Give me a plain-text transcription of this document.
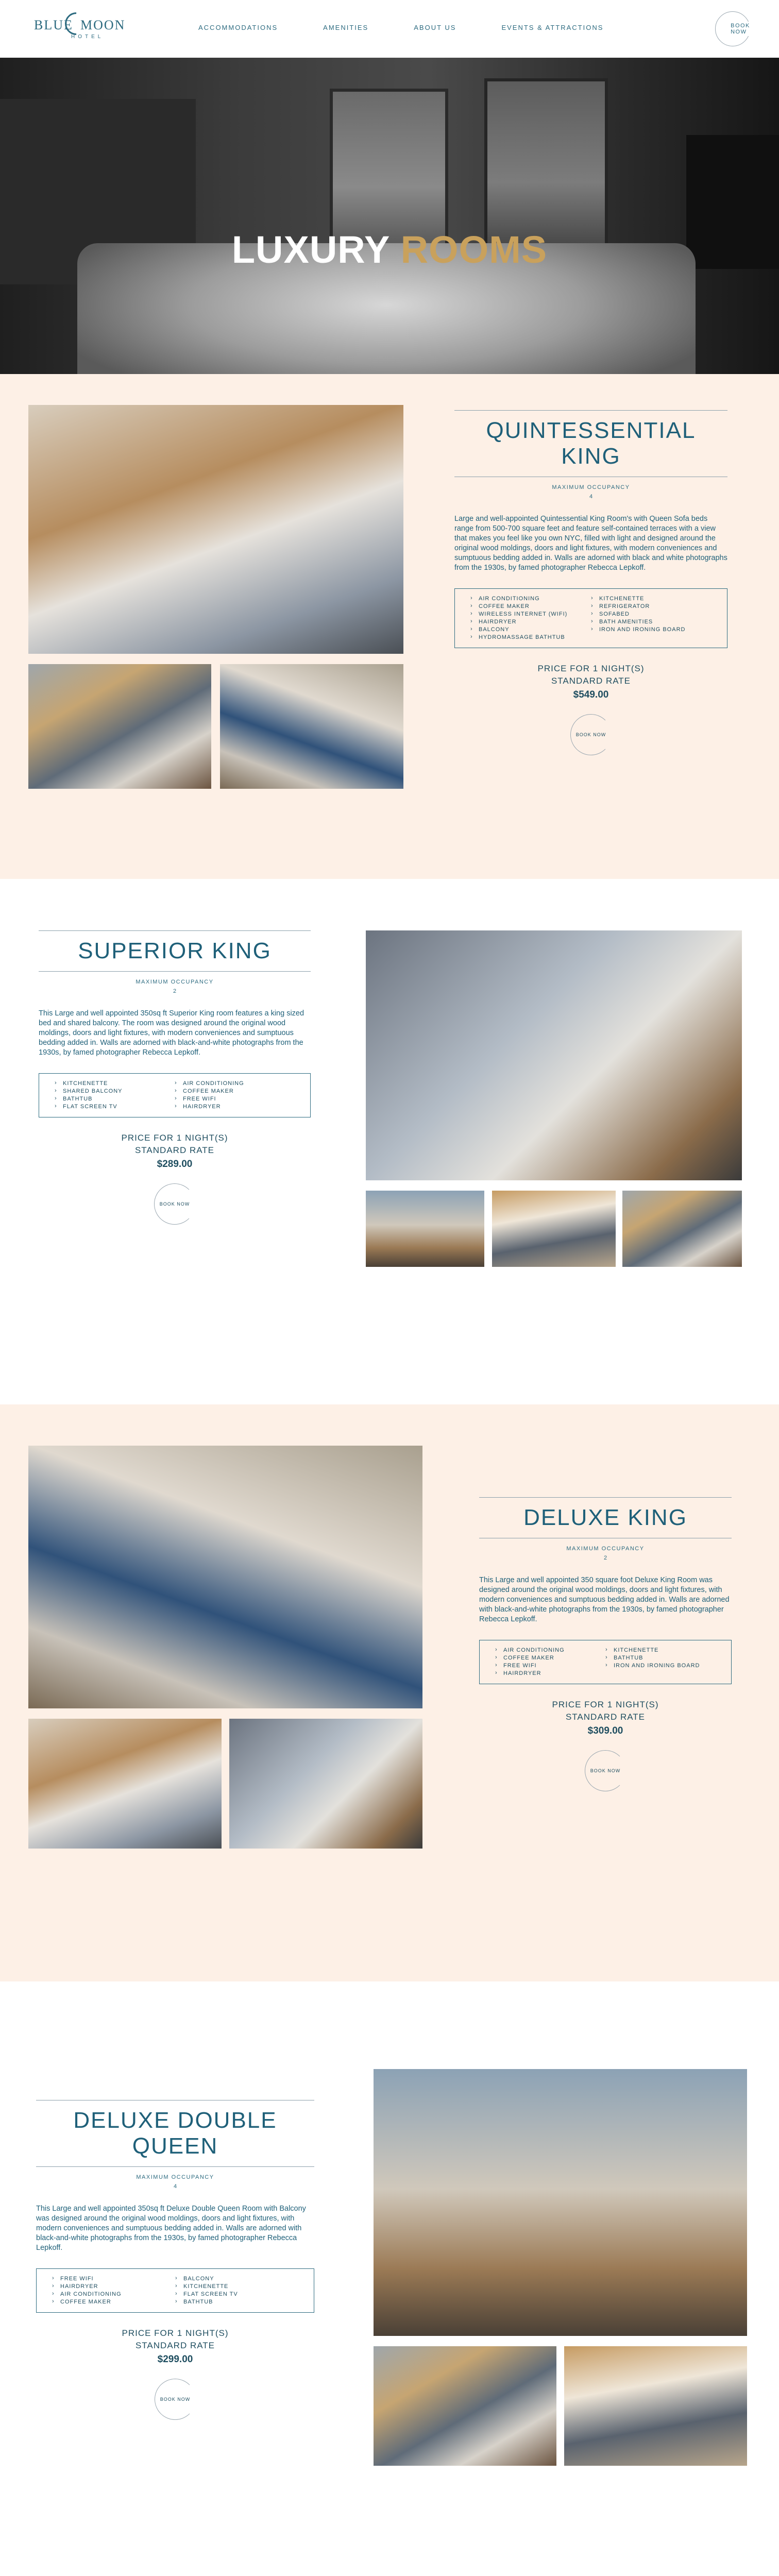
BLUE MOON
HOTEL
ACCOMMODATIONS	AMENITIES	ABOUT US	EVENTS & ATTRACTIONS	BOOK NOW
LUXURY ROOMS
QUINTESSENTIAL KING
MAXIMUM OCCUPANCY
4

Large and well-appointed Quintessential King Room's with Queen Sofa beds range from 500-700 square feet and feature self-contained terraces with a view that makes you feel like you own NYC, filled with light and designed around the original wood moldings, doors and light fixtures, with modern conveniences and sumptuous bedding added in. Walls are adorned with black and white photographs from the 1930s, by famed photographer Rebecca Lepkoff.

› AIR CONDITIONING
› COFFEE MAKER
› WIRELESS INTERNET (WIFI)
› HAIRDRYER
› BALCONY
› HYDROMASSAGE BATHTUB
› KITCHENETTE
› REFRIGERATOR
› SOFABED
› BATH AMENITIES
› IRON AND IRONING BOARD
PRICE FOR 1 NIGHT(S)
STANDARD RATE
$549.00
BOOK NOW
SUPERIOR KING
MAXIMUM OCCUPANCY
2

This Large and well appointed 350sq ft Superior King room features a king sized bed and shared balcony. The room was designed around the original wood moldings, doors and light fixtures, with modern conveniences and sumptuous bedding added in. Walls are adorned with black-and-white photographs from the 1930s, by famed photographer Rebecca Lepkoff.

› KITCHENETTE
› SHARED BALCONY
› BATHTUB
› FLAT SCREEN TV
› AIR CONDITIONING
› COFFEE MAKER
› FREE WIFI
› HAIRDRYER
PRICE FOR 1 NIGHT(S)
STANDARD RATE
$289.00
BOOK NOW
DELUXE KING
MAXIMUM OCCUPANCY
2

This Large and well appointed 350 square foot Deluxe King Room was designed around the original wood moldings, doors and light fixtures, with modern conveniences and sumptuous bedding added in. Walls are adorned with black-and-white photographs from the 1930s, by famed photographer Rebecca Lepkoff.

› AIR CONDITIONING
› COFFEE MAKER
› FREE WIFI
› HAIRDRYER
› KITCHENETTE
› BATHTUB
› IRON AND IRONING BOARD
PRICE FOR 1 NIGHT(S)
STANDARD RATE
$309.00
BOOK NOW
DELUXE DOUBLE QUEEN
MAXIMUM OCCUPANCY
4

This Large and well appointed 350sq ft Deluxe Double Queen Room with Balcony was designed around the original wood moldings, doors and light fixtures, with modern conveniences and sumptuous bedding added in. Walls are adorned with black-and-white photographs from the 1930s, by famed photographer Rebecca Lepkoff.

› FREE WIFI
› HAIRDRYER
› AIR CONDITIONING
› COFFEE MAKER
› BALCONY
› KITCHENETTE
› FLAT SCREEN TV
› BATHTUB
PRICE FOR 1 NIGHT(S)
STANDARD RATE
$299.00
BOOK NOW
